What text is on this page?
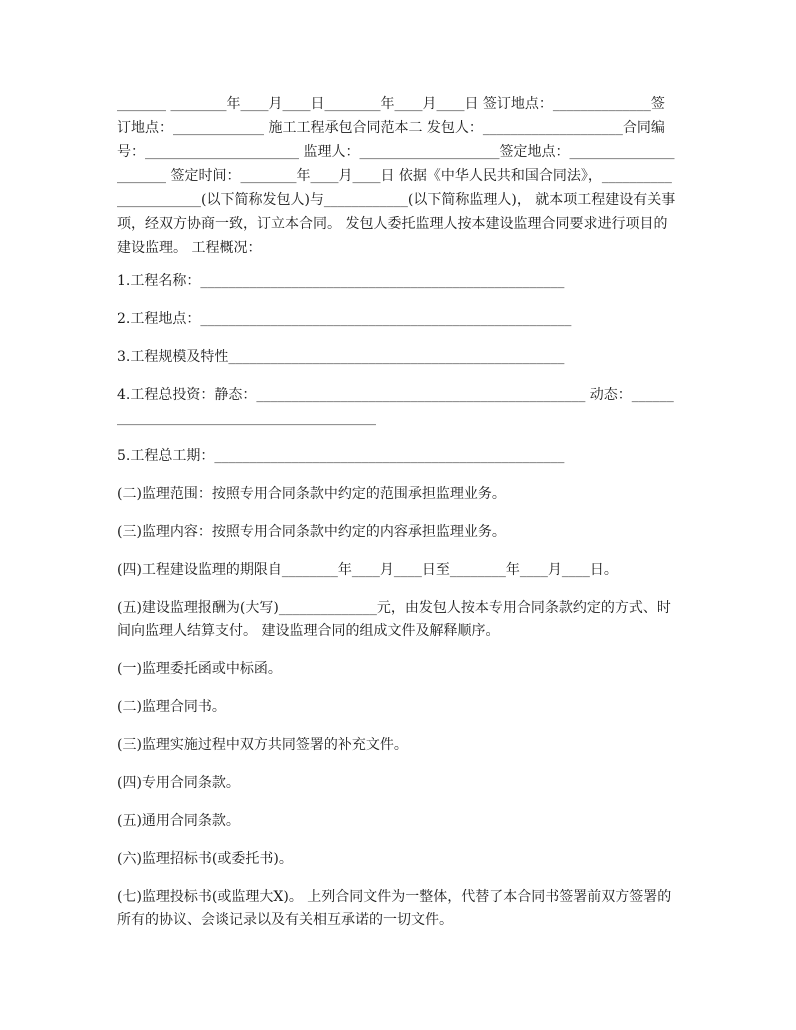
_______ ________年____月____日________年____月____日 签订地点：______________签订地点：_____________ 施工工程承包合同范本二 发包人：____________________合同编号：______________________ 监理人：____________________签定地点：______________________ 签定时间：________年____月____日 依据《中华人民共和国合同法》，______________________(以下简称发包人)与____________(以下简称监理人)， 就本项工程建设有关事项，经双方协商一致，订立本合同。 发包人委托监理人按本建设监理合同要求进行项目的建设监理。 工程概况：

1.工程名称：____________________________________________________

2.工程地点：_____________________________________________________

3.工程规模及特性________________________________________________

4.工程总投资：静态：_______________________________________________ 动态：___________________________________________

5.工程总工期：__________________________________________________

(二)监理范围：按照专用合同条款中约定的范围承担监理业务。

(三)监理内容：按照专用合同条款中约定的内容承担监理业务。

(四)工程建设监理的期限自________年____月____日至________年____月____日。

(五)建设监理报酬为(大写)______________元，由发包人按本专用合同条款约定的方式、时间向监理人结算支付。 建设监理合同的组成文件及解释顺序。

(一)监理委托函或中标函。

(二)监理合同书。

(三)监理实施过程中双方共同签署的补充文件。

(四)专用合同条款。

(五)通用合同条款。

(六)监理招标书(或委托书)。

(七)监理投标书(或监理大X)。 上列合同文件为一整体，代替了本合同书签署前双方签署的所有的协议、会谈记录以及有关相互承诺的一切文件。
